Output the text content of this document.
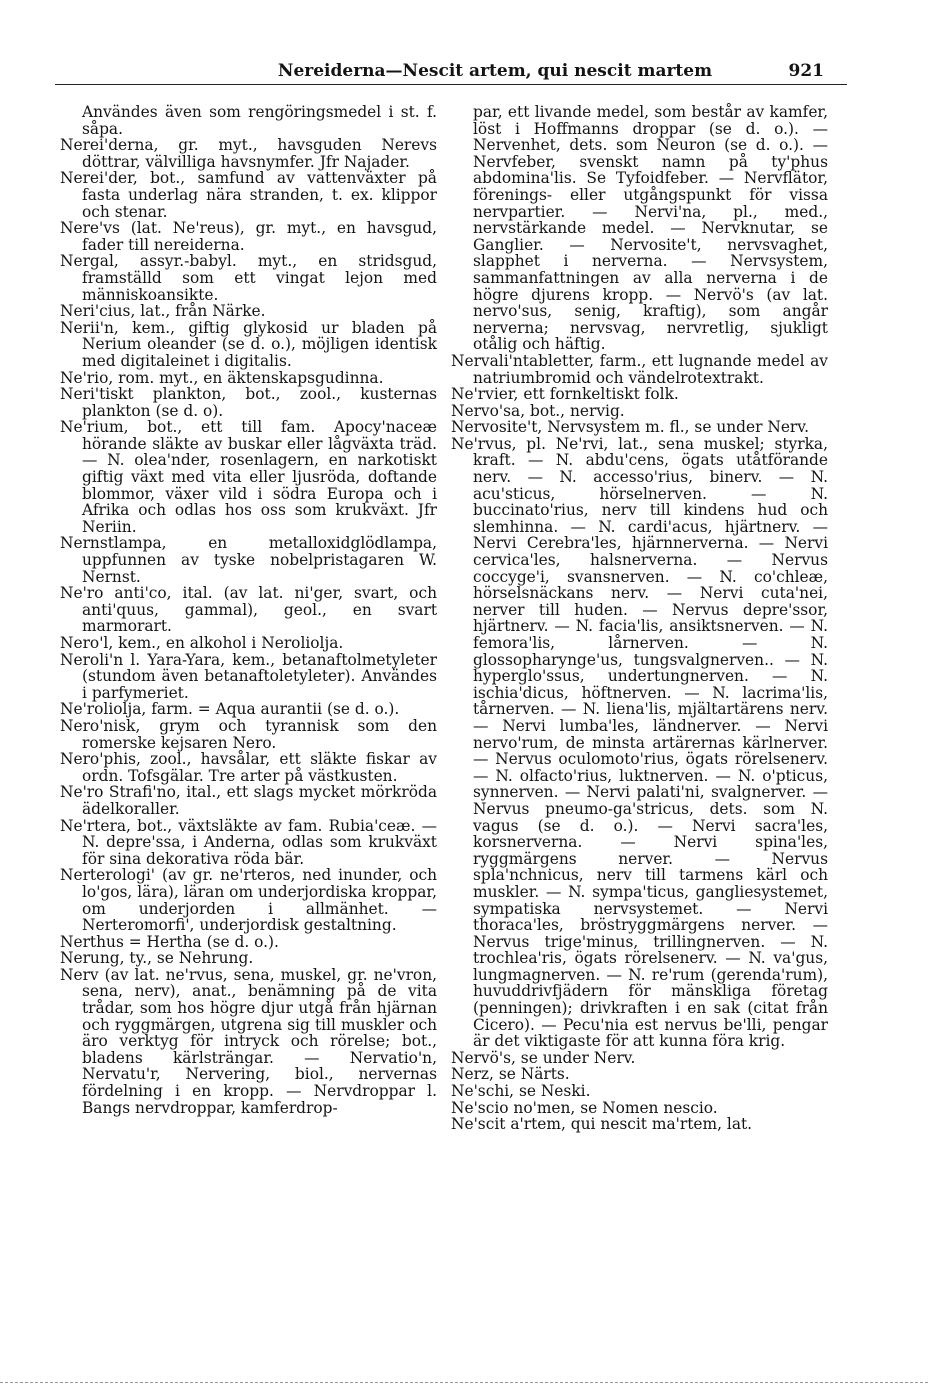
Nereiderna—Nescit artem, qui nescit martem	921

Användes även som rengöringsmedel i st. f. såpa.

Nerei'derna, gr. myt., havsguden Nerevs döttrar, välvilliga havsnymfer. Jfr Najader.

Nerei'der, bot., samfund av vattenväxter på fasta underlag nära stranden, t. ex. klippor och stenar.

Nere'vs (lat. Ne'reus), gr. myt., en havsgud, fader till nereiderna.

Nergal, assyr.-babyl. myt., en stridsgud, framställd som ett vingat lejon med människoansikte.

Neri'cius, lat., från Närke.

Nerii'n, kem., giftig glykosid ur bladen på Nerium oleander (se d. o.), möjligen identisk med digitaleinet i digitalis.

Ne'rio, rom. myt., en äktenskapsgudinna.

Neri'tiskt plankton, bot., zool., kusternas plankton (se d. o).

Ne'rium, bot., ett till fam. Apocy'naceæ hörande släkte av buskar eller lågväxta träd. — N. olea'nder, rosenlagern, en narkotiskt giftig växt med vita eller ljusröda, doftande blommor, växer vild i södra Europa och i Afrika och odlas hos oss som krukväxt. Jfr Neriin.

Nernstlampa, en metalloxidglödlampa, uppfunnen av tyske nobelpristagaren W. Nernst.

Ne'ro anti'co, ital. (av lat. ni'ger, svart, och anti'quus, gammal), geol., en svart marmorart.

Nero'l, kem., en alkohol i Neroliolja.

Neroli'n l. Yara-Yara, kem., betanaftolmetyleter (stundom även betanaftoletyleter). Användes i parfymeriet.

Ne'roliolja, farm. = Aqua aurantii (se d. o.).

Nero'nisk, grym och tyrannisk som den romerske kejsaren Nero.

Nero'phis, zool., havsålar, ett släkte fiskar av ordn. Tofsgälar. Tre arter på västkusten.

Ne'ro Strafi'no, ital., ett slags mycket mörkröda ädelkoraller.

Ne'rtera, bot., växtsläkte av fam. Rubia'ceæ. — N. depre'ssa, i Anderna, odlas som krukväxt för sina dekorativa röda bär.

Nerterologi' (av gr. ne'rteros, ned inunder, och lo'gos, lära), läran om underjordiska kroppar, om underjorden i allmänhet. — Nerteromorfi', underjordisk gestaltning.

Nerthus = Hertha (se d. o.).

Nerung, ty., se Nehrung.

Nerv (av lat. ne'rvus, sena, muskel, gr. ne'vron, sena, nerv), anat., benämning på de vita trådar, som hos högre djur utgå från hjärnan och ryggmärgen, utgrena sig till muskler och äro verktyg för intryck och rörelse; bot., bladens kärlsträngar. — Nervatio'n, Nervatu'r, Nervering, biol., nervernas fördelning i en kropp. — Nervdroppar l. Bangs nervdroppar, kamferdrop-

par, ett livande medel, som består av kamfer, löst i Hoffmanns droppar (se d. o.). — Nervenhet, dets. som Neuron (se d. o.). — Nervfeber, svenskt namn på ty'phus abdomina'lis. Se Tyfoidfeber. — Nervflätor, förenings- eller utgångspunkt för vissa nervpartier. — Nervi'na, pl., med., nervstärkande medel. — Nervknutar, se Ganglier. — Nervosite't, nervsvaghet, slapphet i nerverna. — Nervsystem, sammanfattningen av alla nerverna i de högre djurens kropp. — Nervö's (av lat. nervo'sus, senig, kraftig), som angår nerverna; nervsvag, nervretlig, sjukligt otålig och häftig.

Nervali'ntabletter, farm., ett lugnande medel av natriumbromid och vändelrotextrakt.

Ne'rvier, ett fornkeltiskt folk.

Nervo'sa, bot., nervig.

Nervosite't, Nervsystem m. fl., se under Nerv.

Ne'rvus, pl. Ne'rvi, lat., sena muskel; styrka, kraft. — N. abdu'cens, ögats utåtförande nerv. — N. accesso'rius, binerv. — N. acu'sticus, hörselnerven. — N. buccinato'rius, nerv till kindens hud och slemhinna. — N. cardi'acus, hjärtnerv. — Nervi Cerebra'les, hjärnnerverna. — Nervi cervica'les, halsnerverna. — Nervus coccyge'i, svansnerven. — N. co'chleæ, hörselsnäckans nerv. — Nervi cuta'nei, nerver till huden. — Nervus depre'ssor, hjärtnerv. — N. facia'lis, ansiktsnerven. — N. femora'lis, lårnerven. — N. glossopharynge'us, tungsvalgnerven.. — N. hyperglo'ssus, undertungnerven. — N. ischia'dicus, höftnerven. — N. lacrima'lis, tårnerven. — N. liena'lis, mjältartärens nerv. — Nervi lumba'les, ländnerver. — Nervi nervo'rum, de minsta artärernas kärlnerver. — Nervus oculomoto'rius, ögats rörelsenerv. — N. olfacto'rius, luktnerven. — N. o'pticus, synnerven. — Nervi palati'ni, svalgnerver. — Nervus pneumo-ga'stricus, dets. som N. vagus (se d. o.). — Nervi sacra'les, korsnerverna. — Nervi spina'les, ryggmärgens nerver. — Nervus spla'nchnicus, nerv till tarmens kärl och muskler. — N. sympa'ticus, gangliesystemet, sympatiska nervsystemet. — Nervi thoraca'les, bröstryggmärgens nerver. — Nervus trige'minus, trillingnerven. — N. trochlea'ris, ögats rörelsenerv. — N. va'gus, lungmagnerven. — N. re'rum (gerenda'rum), huvuddrivfjädern för mänskliga företag (penningen); drivkraften i en sak (citat från Cicero). — Pecu'nia est nervus be'lli, pengar är det viktigaste för att kunna föra krig.

Nervö's, se under Nerv.

Nerz, se Närts.

Ne'schi, se Neski.

Ne'scio no'men, se Nomen nescio.

Ne'scit a'rtem, qui nescit ma'rtem, lat.
